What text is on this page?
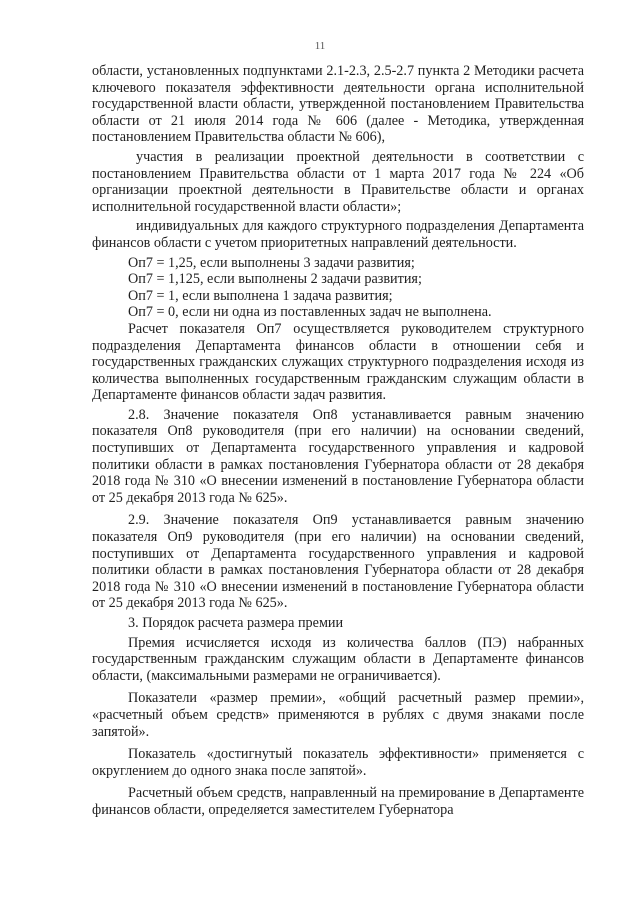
11

области, установленных подпунктами 2.1-2.3, 2.5-2.7 пункта 2 Методики расчета ключевого показателя эффективности деятельности органа исполнительной государственной власти области, утвержденной постановлением Правительства области от 21 июля 2014 года № 606 (далее - Методика, утвержденная постановлением Правительства области № 606),

участия в реализации проектной деятельности в соответствии с постановлением Правительства области от 1 марта 2017 года № 224 «Об организации проектной деятельности в Правительстве области и органах исполнительной государственной власти области»;

индивидуальных для каждого структурного подразделения Департамента финансов области с учетом приоритетных направлений деятельности.

Оп7 = 1,25, если выполнены 3 задачи развития;

Оп7 = 1,125, если выполнены 2 задачи развития;

Оп7 = 1, если выполнена 1 задача развития;

Оп7 = 0, если ни одна из поставленных задач не выполнена.

Расчет показателя Оп7 осуществляется руководителем структурного подразделения Департамента финансов области в отношении себя и государственных гражданских служащих структурного подразделения исходя из количества выполненных государственным гражданским служащим области в Департаменте финансов области задач развития.

2.8. Значение показателя Оп8 устанавливается равным значению показателя Оп8 руководителя (при его наличии) на основании сведений, поступивших от Департамента государственного управления и кадровой политики области в рамках постановления Губернатора области от 28 декабря 2018 года № 310 «О внесении изменений в постановление Губернатора области от 25 декабря 2013 года № 625».

2.9. Значение показателя Оп9 устанавливается равным значению показателя Оп9 руководителя (при его наличии) на основании сведений, поступивших от Департамента государственного управления и кадровой политики области в рамках постановления Губернатора области от 28 декабря 2018 года № 310 «О внесении изменений в постановление Губернатора области от 25 декабря 2013 года № 625».

3. Порядок расчета размера премии

Премия исчисляется исходя из количества баллов (ПЭ) набранных государственным гражданским служащим области в Департаменте финансов области, (максимальными размерами не ограничивается).

Показатели «размер премии», «общий расчетный размер премии», «расчетный объем средств» применяются в рублях с двумя знаками после запятой».

Показатель «достигнутый показатель эффективности» применяется с округлением до одного знака после запятой».

Расчетный объем средств, направленный на премирование в Департаменте финансов области, определяется заместителем Губернатора
